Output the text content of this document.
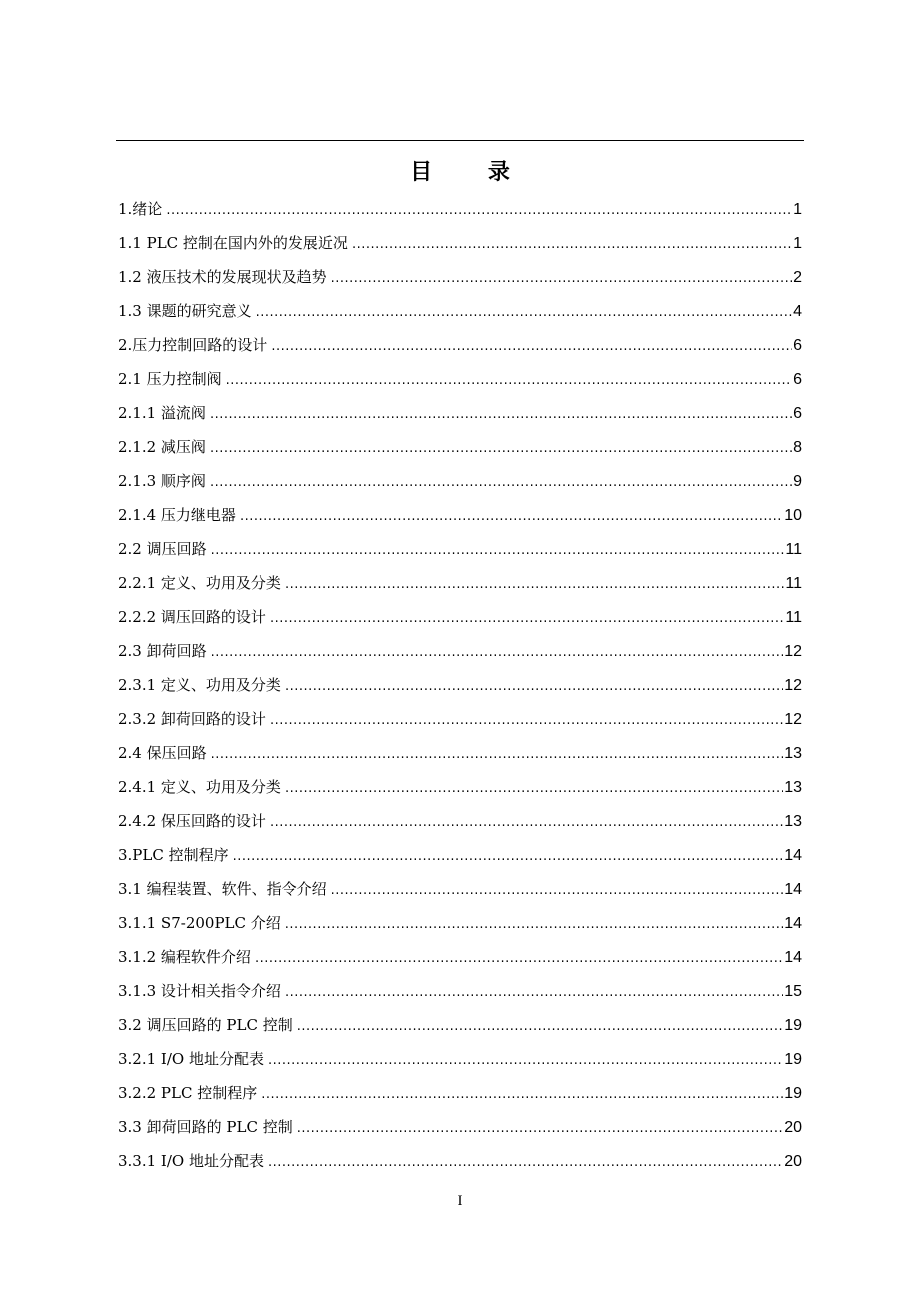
目 录
1.绪论 .....	1
1.1 PLC 控制在国内外的发展近况 .....	1
1.2 液压技术的发展现状及趋势 .....	2
1.3 课题的研究意义 .....	4
2.压力控制回路的设计 .....	6
2.1 压力控制阀 .....	6
2.1.1 溢流阀 .....	6
2.1.2 减压阀 .....	8
2.1.3 顺序阀 .....	9
2.1.4 压力继电器 .....	10
2.2 调压回路 .....	11
2.2.1 定义、功用及分类 .....	11
2.2.2 调压回路的设计 .....	11
2.3 卸荷回路 .....	12
2.3.1 定义、功用及分类 .....	12
2.3.2 卸荷回路的设计 .....	12
2.4 保压回路 .....	13
2.4.1 定义、功用及分类 .....	13
2.4.2 保压回路的设计 .....	13
3.PLC 控制程序 .....	14
3.1 编程装置、软件、指令介绍 .....	14
3.1.1 S7-200PLC 介绍 .....	14
3.1.2 编程软件介绍 .....	14
3.1.3 设计相关指令介绍 .....	15
3.2 调压回路的 PLC 控制 .....	19
3.2.1 I/O 地址分配表 .....	19
3.2.2 PLC 控制程序 .....	19
3.3 卸荷回路的 PLC 控制 .....	20
3.3.1 I/O 地址分配表 .....	20
I
